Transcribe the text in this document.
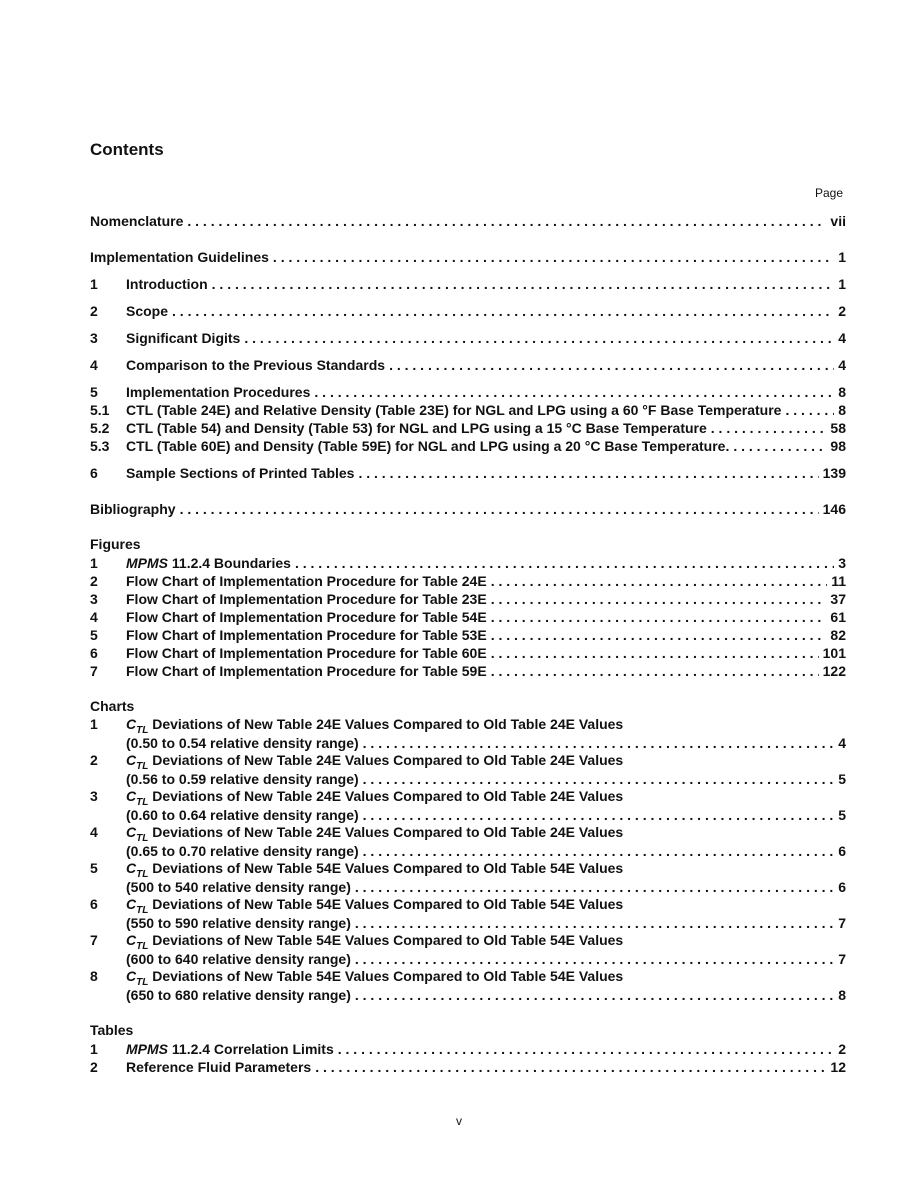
Contents
Page
Nomenclature . . .	vii
Implementation Guidelines . . .	1
1	Introduction . . .	1
2	Scope . . .	2
3	Significant Digits . . .	4
4	Comparison to the Previous Standards . . .	4
5	Implementation Procedures . . .	8
5.1	CTL (Table 24E) and Relative Density (Table 23E) for NGL and LPG using a 60 °F Base Temperature . . .	8
5.2	CTL (Table 54) and Density (Table 53) for NGL and LPG using a 15 °C Base Temperature . . .	58
5.3	CTL (Table 60E) and Density (Table 59E) for NGL and LPG using a 20 °C Base Temperature. . . .	98
6	Sample Sections of Printed Tables . . .	139
Bibliography . . .	146
Figures
1	MPMS 11.2.4 Boundaries . . .	3
2	Flow Chart of Implementation Procedure for Table 24E . . .	11
3	Flow Chart of Implementation Procedure for Table 23E . . .	37
4	Flow Chart of Implementation Procedure for Table 54E . . .	61
5	Flow Chart of Implementation Procedure for Table 53E . . .	82
6	Flow Chart of Implementation Procedure for Table 60E . . .	101
7	Flow Chart of Implementation Procedure for Table 59E . . .	122
Charts
1 $C_{TL}$ Deviations of New Table 24E Values Compared to Old Table 24E Values
(0.50 to 0.54 relative density range) . . .	4
2 $C_{TL}$ Deviations of New Table 24E Values Compared to Old Table 24E Values
(0.56 to 0.59 relative density range) . . .	5
3 $C_{TL}$ Deviations of New Table 24E Values Compared to Old Table 24E Values
(0.60 to 0.64 relative density range) . . .	5
4 $C_{TL}$ Deviations of New Table 24E Values Compared to Old Table 24E Values
(0.65 to 0.70 relative density range) . . .	6
5 $C_{TL}$ Deviations of New Table 54E Values Compared to Old Table 54E Values
(500 to 540 relative density range) . . .	6
6 $C_{TL}$ Deviations of New Table 54E Values Compared to Old Table 54E Values
(550 to 590 relative density range) . . .	7
7 $C_{TL}$ Deviations of New Table 54E Values Compared to Old Table 54E Values
(600 to 640 relative density range) . . .	7
8 $C_{TL}$ Deviations of New Table 54E Values Compared to Old Table 54E Values
(650 to 680 relative density range) . . .	8
Tables
1	MPMS 11.2.4 Correlation Limits . . .	2
2	Reference Fluid Parameters . . .	12
v
